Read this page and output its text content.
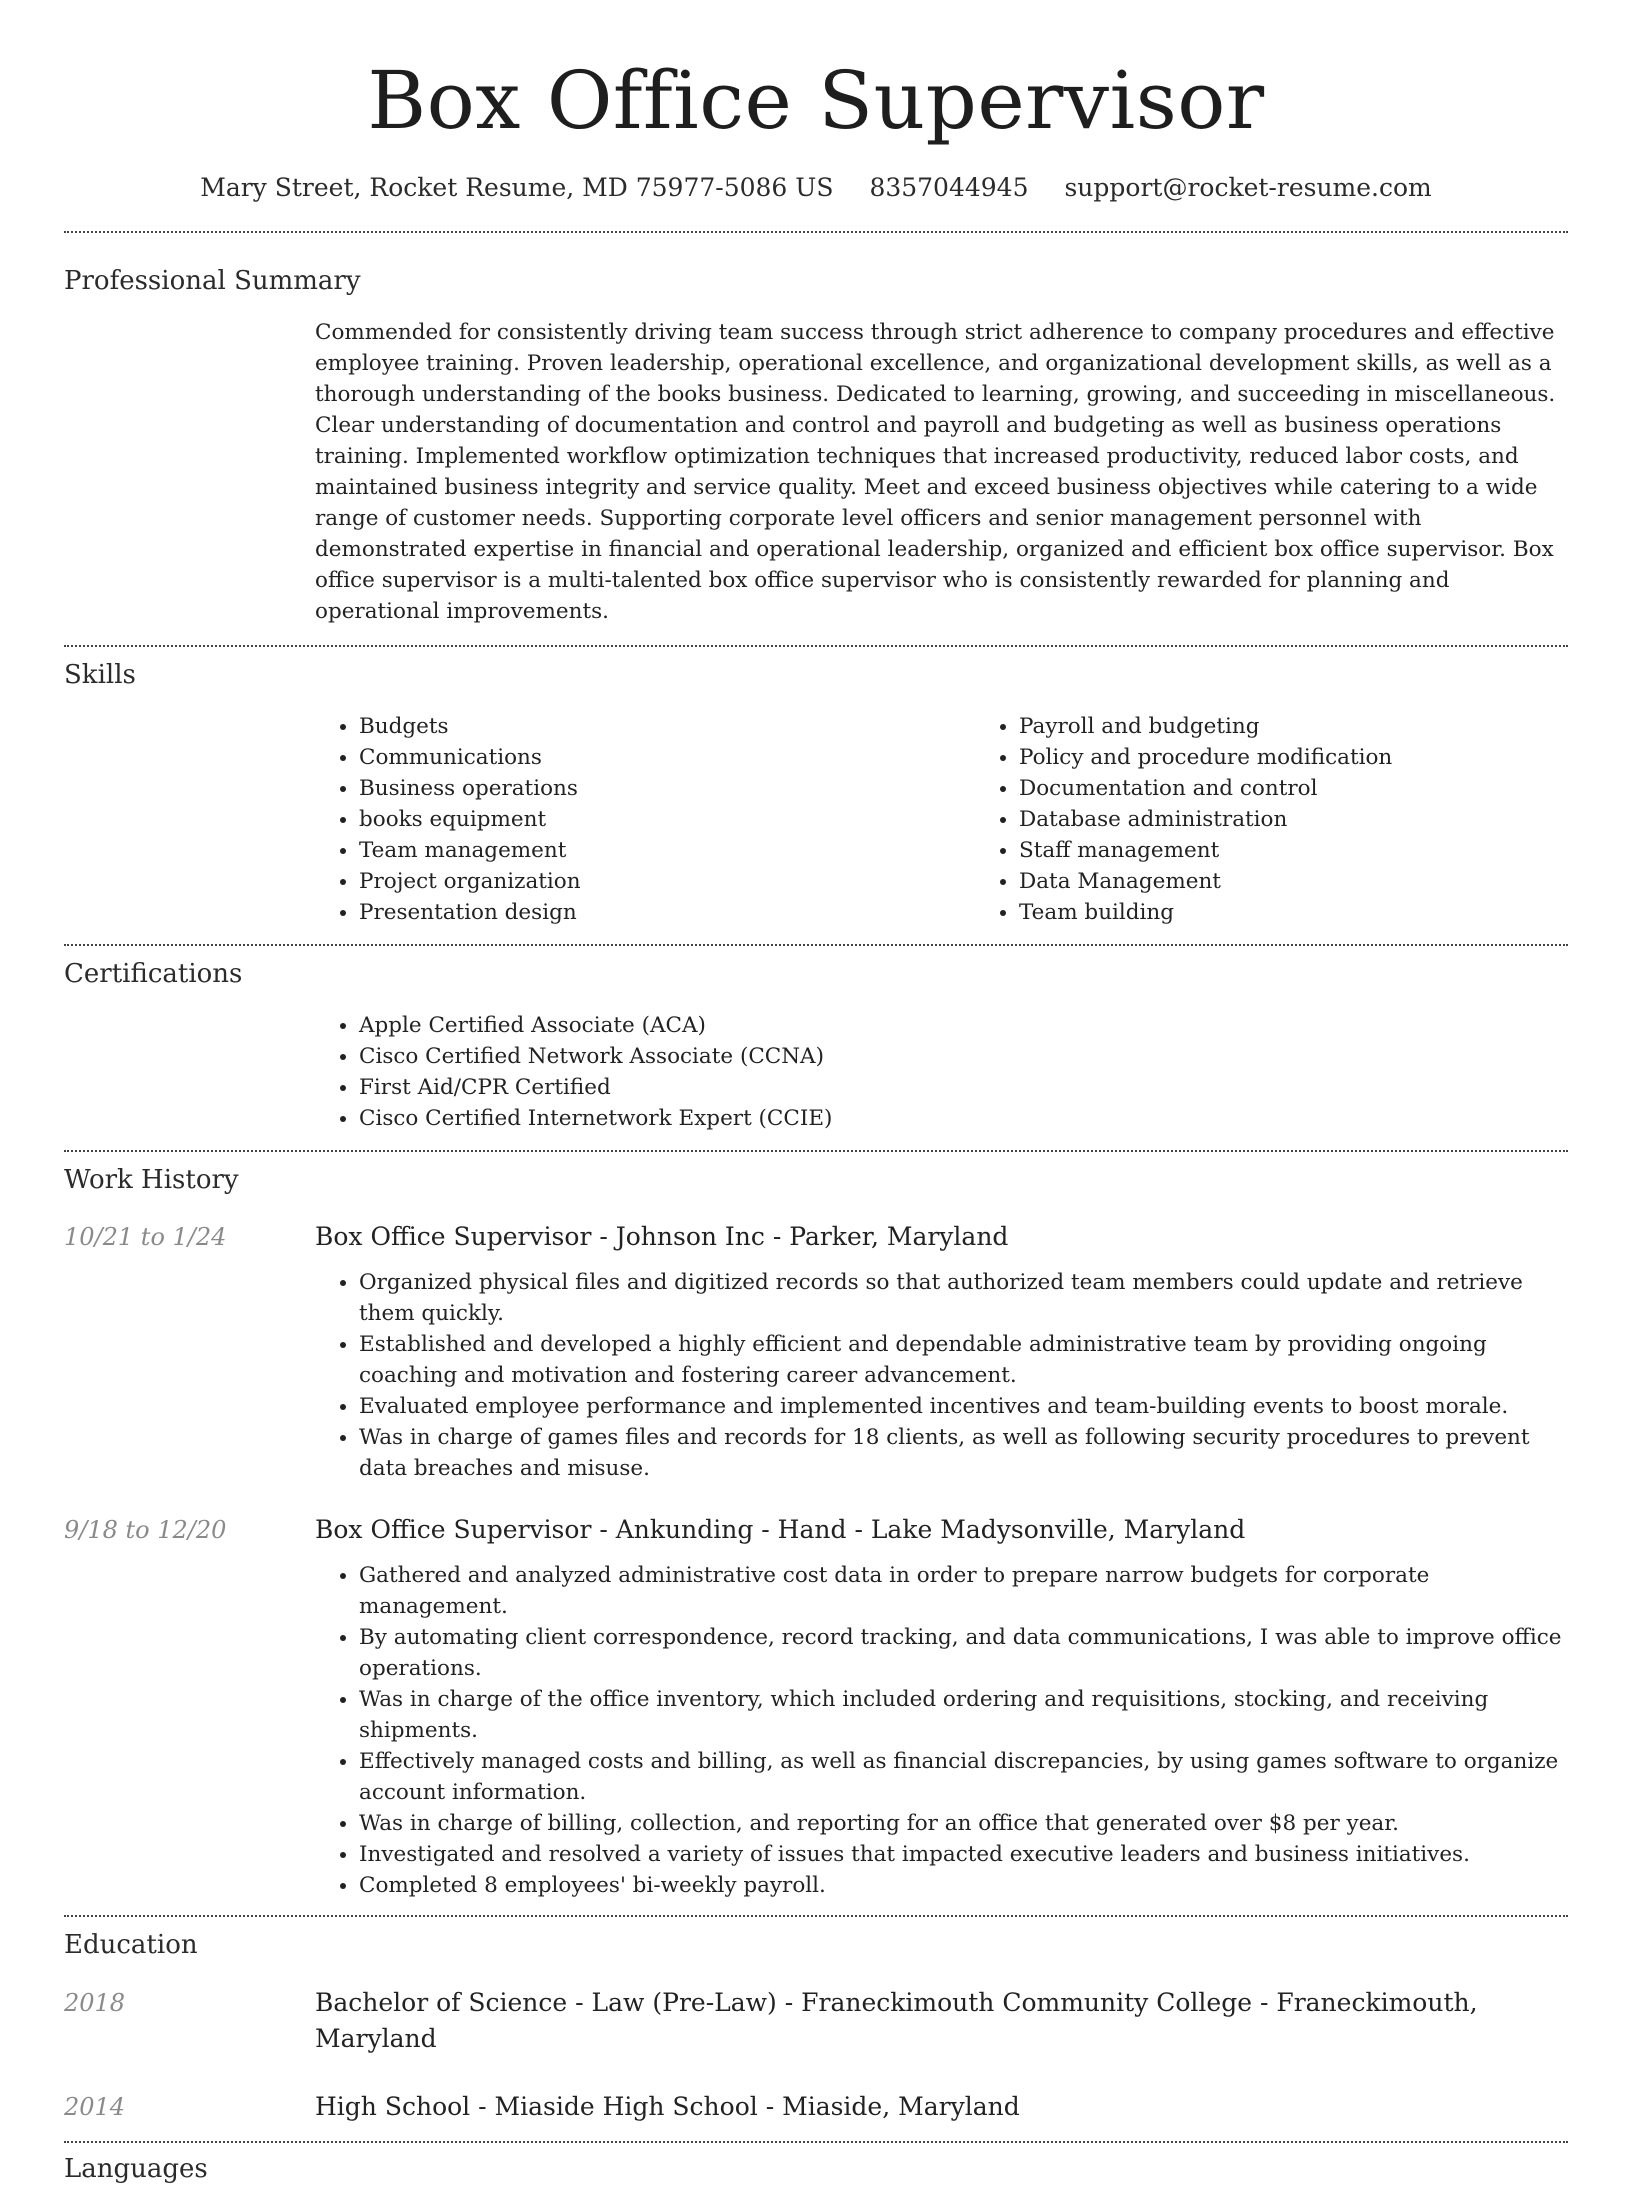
Box Office Supervisor
Mary Street, Rocket Resume, MD 75977-5086 US 8357044945 support@rocket-resume.com
Professional Summary

Commended for consistently driving team success through strict adherence to company procedures and effective employee training. Proven leadership, operational excellence, and organizational development skills, as well as a thorough understanding of the books business. Dedicated to learning, growing, and succeeding in miscellaneous. Clear understanding of documentation and control and payroll and budgeting as well as business operations training. Implemented workflow optimization techniques that increased productivity, reduced labor costs, and maintained business integrity and service quality. Meet and exceed business objectives while catering to a wide range of customer needs. Supporting corporate level officers and senior management personnel with demonstrated expertise in financial and operational leadership, organized and efficient box office supervisor. Box office supervisor is a multi-talented box office supervisor who is consistently rewarded for planning and operational improvements.

Skills
• Budgets
• Communications
• Business operations
• books equipment
• Team management
• Project organization
• Presentation design
• Payroll and budgeting
• Policy and procedure modification
• Documentation and control
• Database administration
• Staff management
• Data Management
• Team building
Certifications
• Apple Certified Associate (ACA)
• Cisco Certified Network Associate (CCNA)
• First Aid/CPR Certified
• Cisco Certified Internetwork Expert (CCIE)
Work History
10/21 to 1/24	Box Office Supervisor - Johnson Inc - Parker, Maryland
• Organized physical files and digitized records so that authorized team members could update and retrieve them quickly.
• Established and developed a highly efficient and dependable administrative team by providing ongoing coaching and motivation and fostering career advancement.
• Evaluated employee performance and implemented incentives and team-building events to boost morale.
• Was in charge of games files and records for 18 clients, as well as following security procedures to prevent data breaches and misuse.
9/18 to 12/20	Box Office Supervisor - Ankunding - Hand - Lake Madysonville, Maryland
• Gathered and analyzed administrative cost data in order to prepare narrow budgets for corporate management.
• By automating client correspondence, record tracking, and data communications, I was able to improve office operations.
• Was in charge of the office inventory, which included ordering and requisitions, stocking, and receiving shipments.
• Effectively managed costs and billing, as well as financial discrepancies, by using games software to organize account information.
• Was in charge of billing, collection, and reporting for an office that generated over $8 per year.
• Investigated and resolved a variety of issues that impacted executive leaders and business initiatives.
• Completed 8 employees' bi-weekly payroll.
Education
2018	Bachelor of Science - Law (Pre-Law) - Franeckimouth Community College - Franeckimouth, Maryland
2014	High School - Miaside High School - Miaside, Maryland
Languages
